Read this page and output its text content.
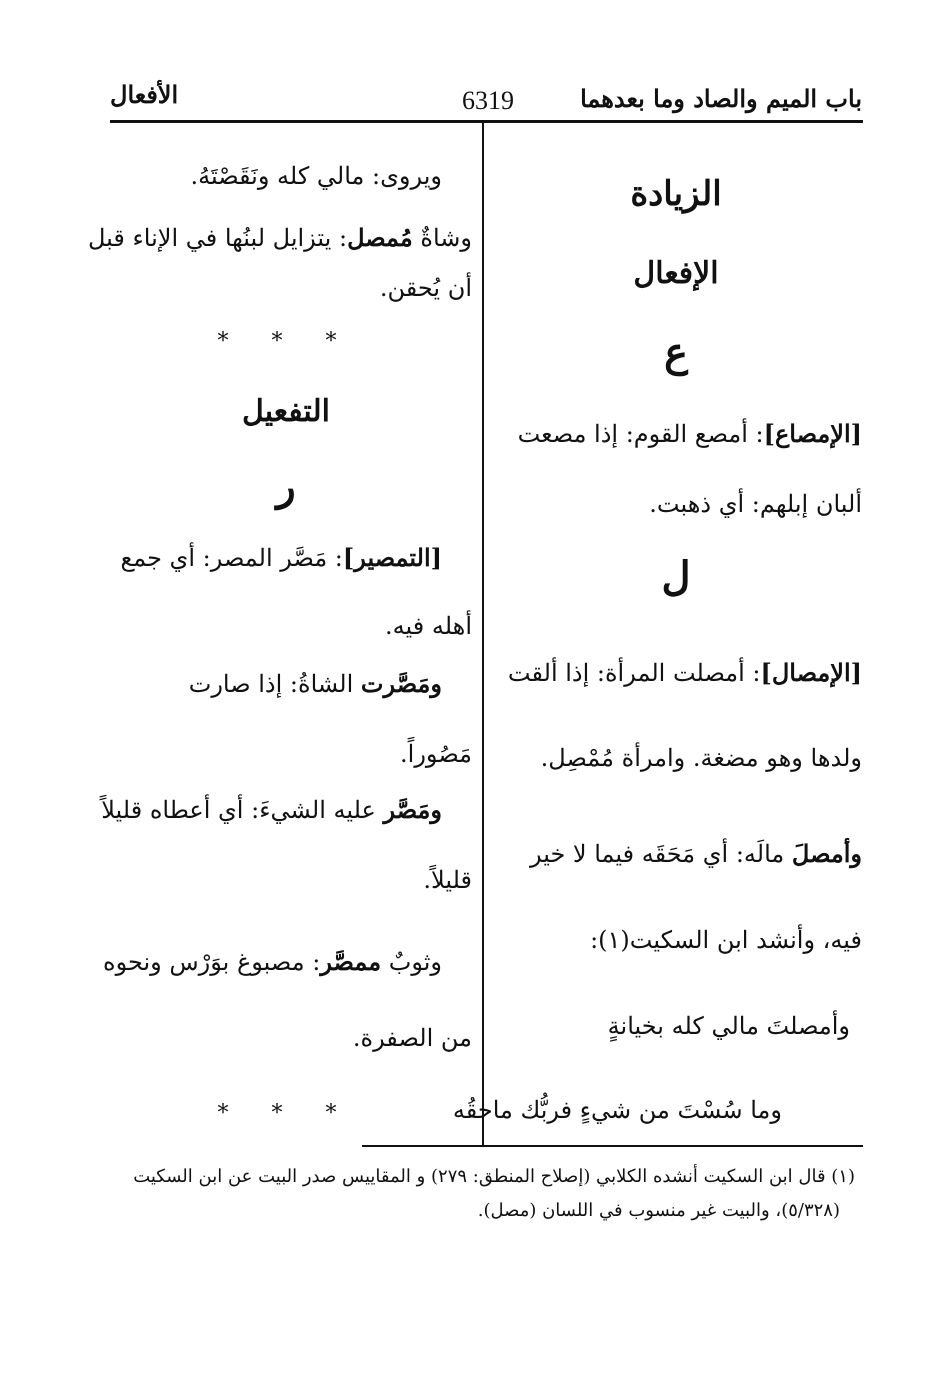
باب الميم والصاد وما بعدهما
6319
الأفعال
الزيادة
الإفعال
ع
[الإمصاع]: أمصع القوم: إذا مصعت
ألبان إبلهم: أي ذهبت.
ل
[الإمصال]: أمصلت المرأة: إذا ألقت
ولدها وهو مضغة. وامرأة مُمْصِل.
وأمصلَ مالَه: أي مَحَقَه فيما لا خير
فيه، وأنشد ابن السكيت(١):
وأمصلتَ مالي كله بخيانةٍ
وما سُسْتَ من شيءٍ فربُّك ماحقُه
ويروى: مالي كله ونَقَصْتَهُ.
وشاةٌ مُمصل: يتزايل لبنُها في الإناء قبل
أن يُحقن.
* * *
التفعيل
ر
[التمصير]: مَصَّر المصر: أي جمع
أهله فيه.
ومَصَّرت الشاةُ: إذا صارت
مَصُوراً.
ومَصَّر عليه الشيءَ: أي أعطاه قليلاً
قليلاً.
وثوبٌ ممصَّر: مصبوغ بوَرْس ونحوه
من الصفرة.
* * *
(١) قال ابن السكيت أنشده الكلابي (إصلاح المنطق: ٢٧٩) و المقاييس صدر البيت عن ابن السكيت
(٥/٣٢٨)، والبيت غير منسوب في اللسان (مصل).
